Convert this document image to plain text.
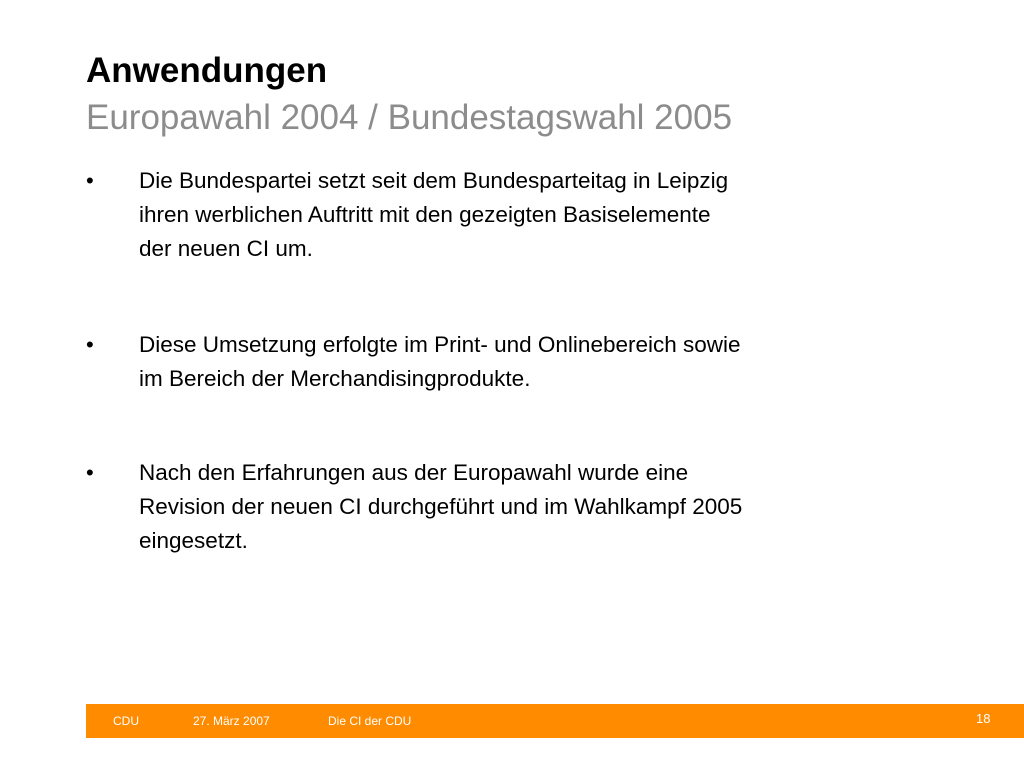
Anwendungen
Europawahl 2004 / Bundestagswahl 2005
• Die Bundespartei setzt seit dem Bundesparteitag in Leipzig
ihren werblichen Auftritt mit den gezeigten Basiselemente
der neuen CI um.
• Diese Umsetzung erfolgte im Print- und Onlinebereich sowie
im Bereich der Merchandisingprodukte.
• Nach den Erfahrungen aus der Europawahl wurde eine
Revision der neuen CI durchgeführt und im Wahlkampf 2005
eingesetzt.
CDU	27. März 2007	Die CI der CDU	18
